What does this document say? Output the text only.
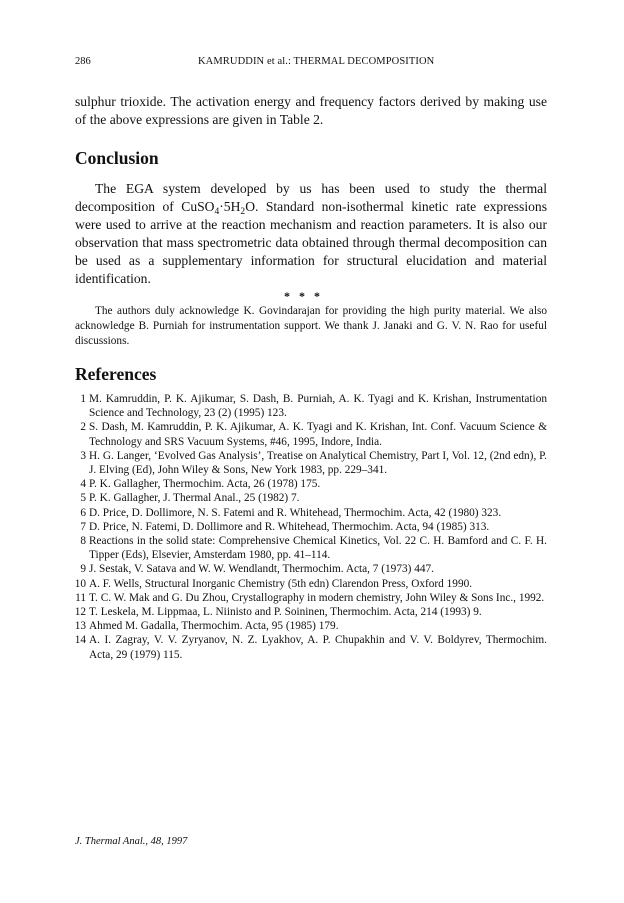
286	KAMRUDDIN et al.: THERMAL DECOMPOSITION
sulphur trioxide. The activation energy and frequency factors derived by making use of the above expressions are given in Table 2.
Conclusion
The EGA system developed by us has been used to study the thermal decomposition of $CuSO_4\cdot 5H_2O$. Standard non-isothermal kinetic rate expressions were used to arrive at the reaction mechanism and reaction parameters. It is also our observation that mass spectrometric data obtained through thermal decomposition can be used as a supplementary information for structural elucidation and material identification.
* * *
The authors duly acknowledge K. Govindarajan for providing the high purity material. We also acknowledge B. Purniah for instrumentation support. We thank J. Janaki and G. V. N. Rao for useful discussions.
References
1 M. Kamruddin, P. K. Ajikumar, S. Dash, B. Purniah, A. K. Tyagi and K. Krishan, Instrumentation Science and Technology, 23 (2) (1995) 123.
2 S. Dash, M. Kamruddin, P. K. Ajikumar, A. K. Tyagi and K. Krishan, Int. Conf. Vacuum Science & Technology and SRS Vacuum Systems, #46, 1995, Indore, India.
3 H. G. Langer, ‘Evolved Gas Analysis’, Treatise on Analytical Chemistry, Part I, Vol. 12, (2nd edn), P. J. Elving (Ed), John Wiley & Sons, New York 1983, pp. 229–341.
4 P. K. Gallagher, Thermochim. Acta, 26 (1978) 175.
5 P. K. Gallagher, J. Thermal Anal., 25 (1982) 7.
6 D. Price, D. Dollimore, N. S. Fatemi and R. Whitehead, Thermochim. Acta, 42 (1980) 323.
7 D. Price, N. Fatemi, D. Dollimore and R. Whitehead, Thermochim. Acta, 94 (1985) 313.
8 Reactions in the solid state: Comprehensive Chemical Kinetics, Vol. 22 C. H. Bamford and C. F. H. Tipper (Eds), Elsevier, Amsterdam 1980, pp. 41–114.
9 J. Sestak, V. Satava and W. W. Wendlandt, Thermochim. Acta, 7 (1973) 447.
10 A. F. Wells, Structural Inorganic Chemistry (5th edn) Clarendon Press, Oxford 1990.
11 T. C. W. Mak and G. Du Zhou, Crystallography in modern chemistry, John Wiley & Sons Inc., 1992.
12 T. Leskela, M. Lippmaa, L. Niinisto and P. Soininen, Thermochim. Acta, 214 (1993) 9.
13 Ahmed M. Gadalla, Thermochim. Acta, 95 (1985) 179.
14 A. I. Zagray, V. V. Zyryanov, N. Z. Lyakhov, A. P. Chupakhin and V. V. Boldyrev, Thermochim. Acta, 29 (1979) 115.
J. Thermal Anal., 48, 1997
